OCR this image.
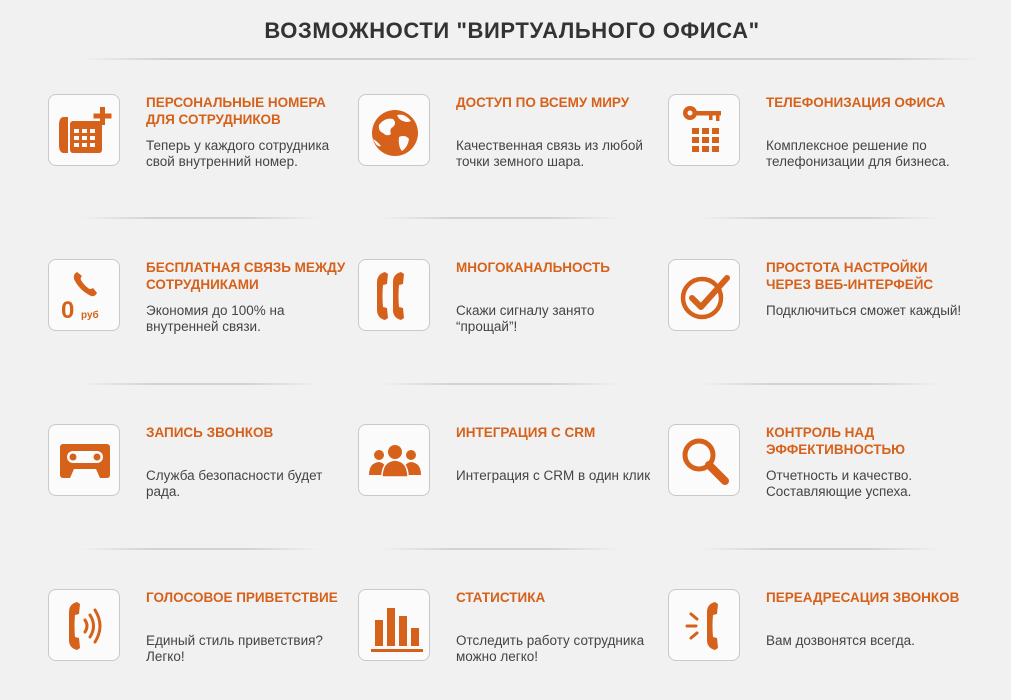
ВОЗМОЖНОСТИ "ВИРТУАЛЬНОГО ОФИСА"
ПЕРСОНАЛЬНЫЕ НОМЕРА ДЛЯ СОТРУДНИКОВ
Теперь у каждого сотрудника свой внутренний номер.
ДОСТУП ПО ВСЕМУ МИРУ
Качественная связь из любой точки земного шара.
ТЕЛЕФОНИЗАЦИЯ ОФИСА
Комплексное решение по телефонизации для бизнеса.
0 руб
БЕСПЛАТНАЯ СВЯЗЬ МЕЖДУ СОТРУДНИКАМИ
Экономия до 100% на внутренней связи.
МНОГОКАНАЛЬНОСТЬ
Скажи сигналу занято “прощай”!
ПРОСТОТА НАСТРОЙКИ ЧЕРЕЗ ВЕБ-ИНТЕРФЕЙС
Подключиться сможет каждый!
ЗАПИСЬ ЗВОНКОВ
Служба безопасности будет рада.
ИНТЕГРАЦИЯ С CRM
Интеграция с CRM в один клик
КОНТРОЛЬ НАД ЭФФЕКТИВНОСТЬЮ
Отчетность и качество. Составляющие успеха.
ГОЛОСОВОЕ ПРИВЕТСТВИЕ
Единый стиль приветствия? Легко!
СТАТИСТИКА
Отследить работу сотрудника можно легко!
ПЕРЕАДРЕСАЦИЯ ЗВОНКОВ
Вам дозвонятся всегда.
